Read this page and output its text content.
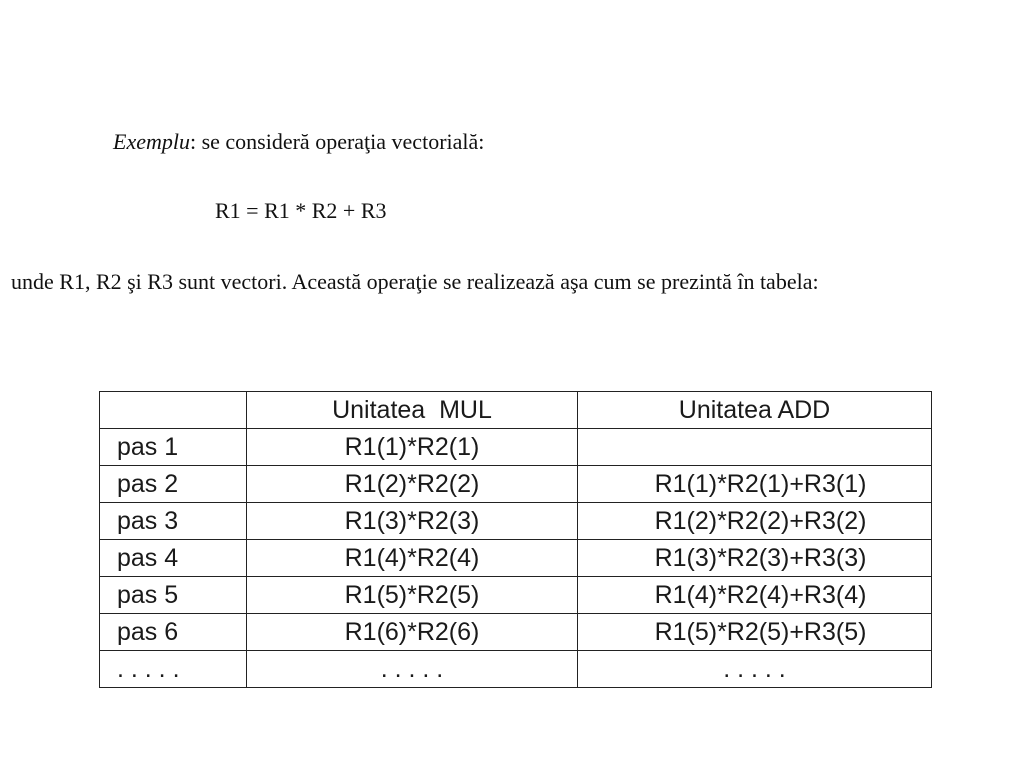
Exemplu: se consideră operaţia vectorială:
R1 = R1 * R2 + R3
unde R1, R2 şi R3 sunt vectori. Această operaţie se realizează aşa cum se prezintă în tabela:
	Unitatea  MUL	Unitatea ADD
pas 1	R1(1)*R2(1)	
pas 2	R1(2)*R2(2)	R1(1)*R2(1)+R3(1)
pas 3	R1(3)*R2(3)	R1(2)*R2(2)+R3(2)
pas 4	R1(4)*R2(4)	R1(3)*R2(3)+R3(3)
pas 5	R1(5)*R2(5)	R1(4)*R2(4)+R3(4)
pas 6	R1(6)*R2(6)	R1(5)*R2(5)+R3(5)
. . . . .	. . . . .	. . . . .
